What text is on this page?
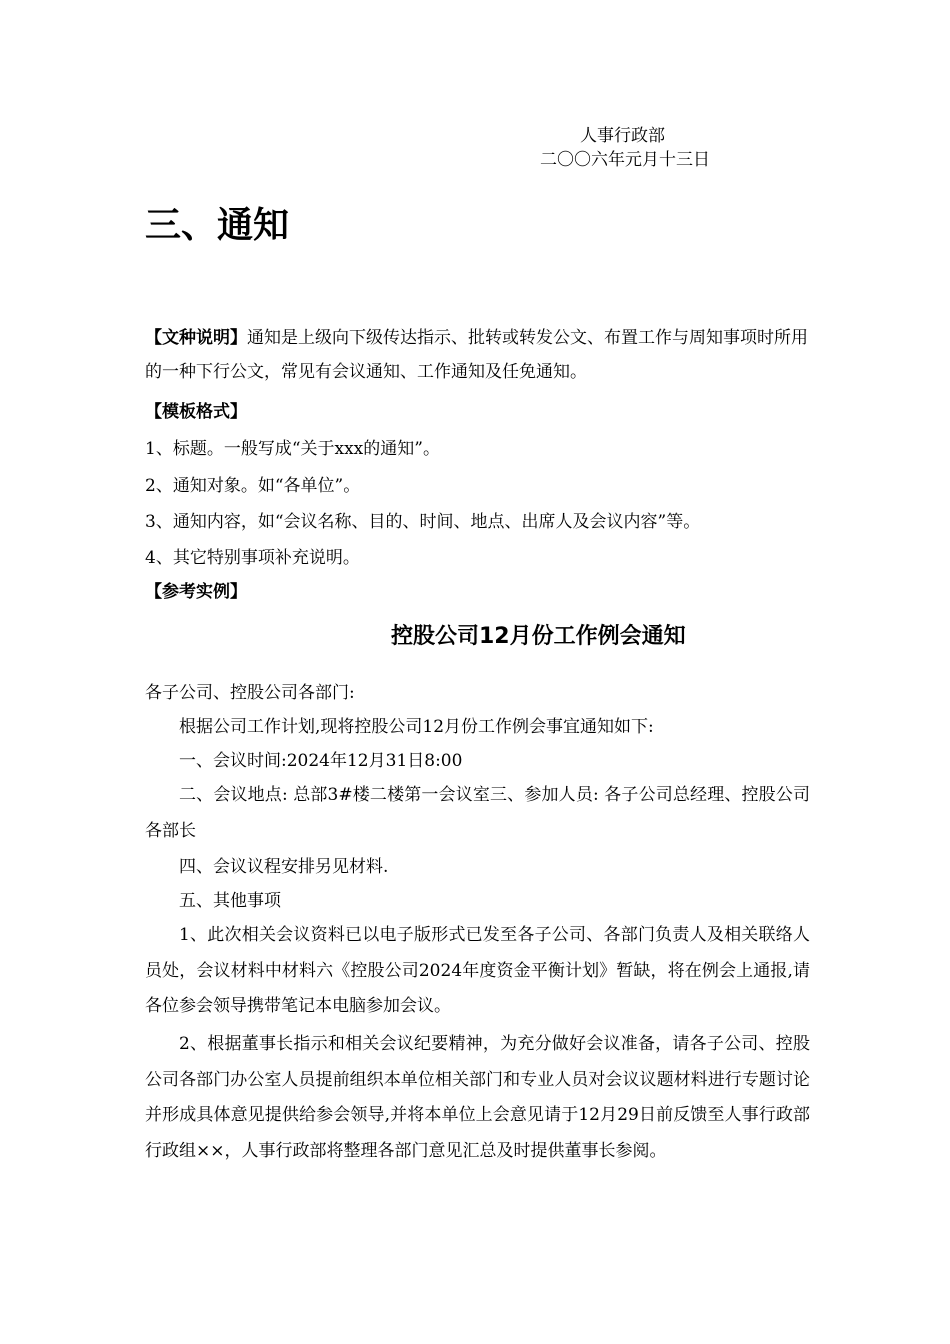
人事行政部
二〇〇六年元月十三日
三、通知
【文种说明】通知是上级向下级传达指示、批转或转发公文、布置工作与周知事项时所用的一种下行公文，常见有会议通知、工作通知及任免通知。
【模板格式】
1、标题。一般写成“关于xxx的通知”。
2、通知对象。如“各单位”。
3、通知内容，如“会议名称、目的、时间、地点、出席人及会议内容”等。
4、其它特别事项补充说明。
【参考实例】
控股公司12月份工作例会通知
各子公司、控股公司各部门:
根据公司工作计划,现将控股公司12月份工作例会事宜通知如下:
一、会议时间:2024年12月31日8:00
二、会议地点: 总部3#楼二楼第一会议室三、参加人员: 各子公司总经理、控股公司各部长
四、会议议程安排另见材料.
五、其他事项
1、此次相关会议资料已以电子版形式已发至各子公司、各部门负责人及相关联络人员处，会议材料中材料六《控股公司2024年度资金平衡计划》暂缺，将在例会上通报,请各位参会领导携带笔记本电脑参加会议。
2、根据董事长指示和相关会议纪要精神，为充分做好会议准备，请各子公司、控股公司各部门办公室人员提前组织本单位相关部门和专业人员对会议议题材料进行专题讨论并形成具体意见提供给参会领导,并将本单位上会意见请于12月29日前反馈至人事行政部行政组××，人事行政部将整理各部门意见汇总及时提供董事长参阅。
